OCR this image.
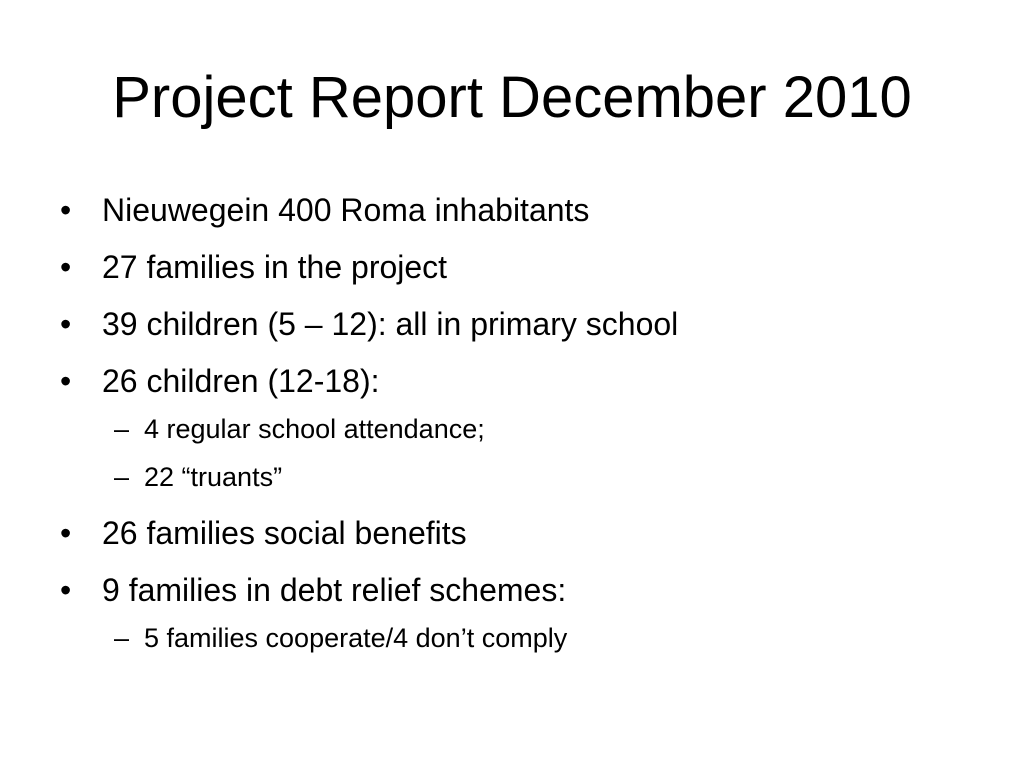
Project Report December 2010
• Nieuwegein 400 Roma inhabitants
• 27 families in the project
• 39 children (5 – 12): all in primary school
• 26 children (12-18):
– 4 regular school attendance;
– 22 “truants”
• 26 families social benefits
• 9 families in debt relief schemes:
– 5 families cooperate/4 don’t comply
